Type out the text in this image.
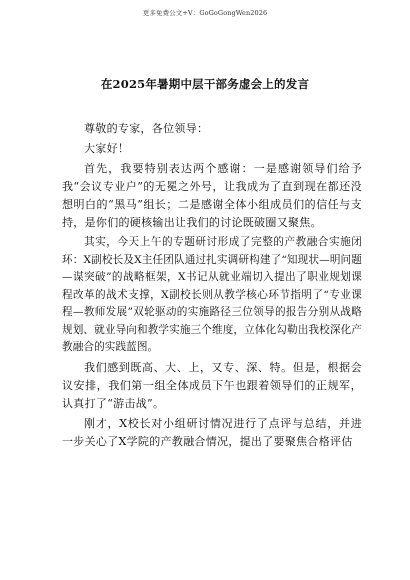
更多免费公文+V：GoGoGongWen2026
在2025年暑期中层干部务虚会上的发言

尊敬的专家，各位领导：

大家好！

首先，我要特别表达两个感谢：一是感谢领导们给予我“会议专业户”的无冕之外号，让我成为了直到现在都还没想明白的“黑马”组长；二是感谢全体小组成员们的信任与支持，是你们的硬核输出让我们的讨论既破圈又聚焦。

其实，今天上午的专题研讨形成了完整的产教融合实施闭环：X副校长及X主任团队通过扎实调研构建了“知现状—明问题—谋突破”的战略框架，X书记从就业端切入提出了职业规划课程改革的战术支撑，X副校长则从教学核心环节指明了“专业课程—教师发展”双轮驱动的实施路径三位领导的报告分别从战略规划、就业导向和教学实施三个维度，立体化勾勒出我校深化产教融合的实践蓝图。

我们感到既高、大、上，又专、深、特。但是，根据会议安排，我们第一组全体成员下午也跟着领导们的正规军，认真打了“游击战”。

刚才，X校长对小组研讨情况进行了点评与总结，并进一步关心了X学院的产教融合情况，提出了要聚焦合格评估
